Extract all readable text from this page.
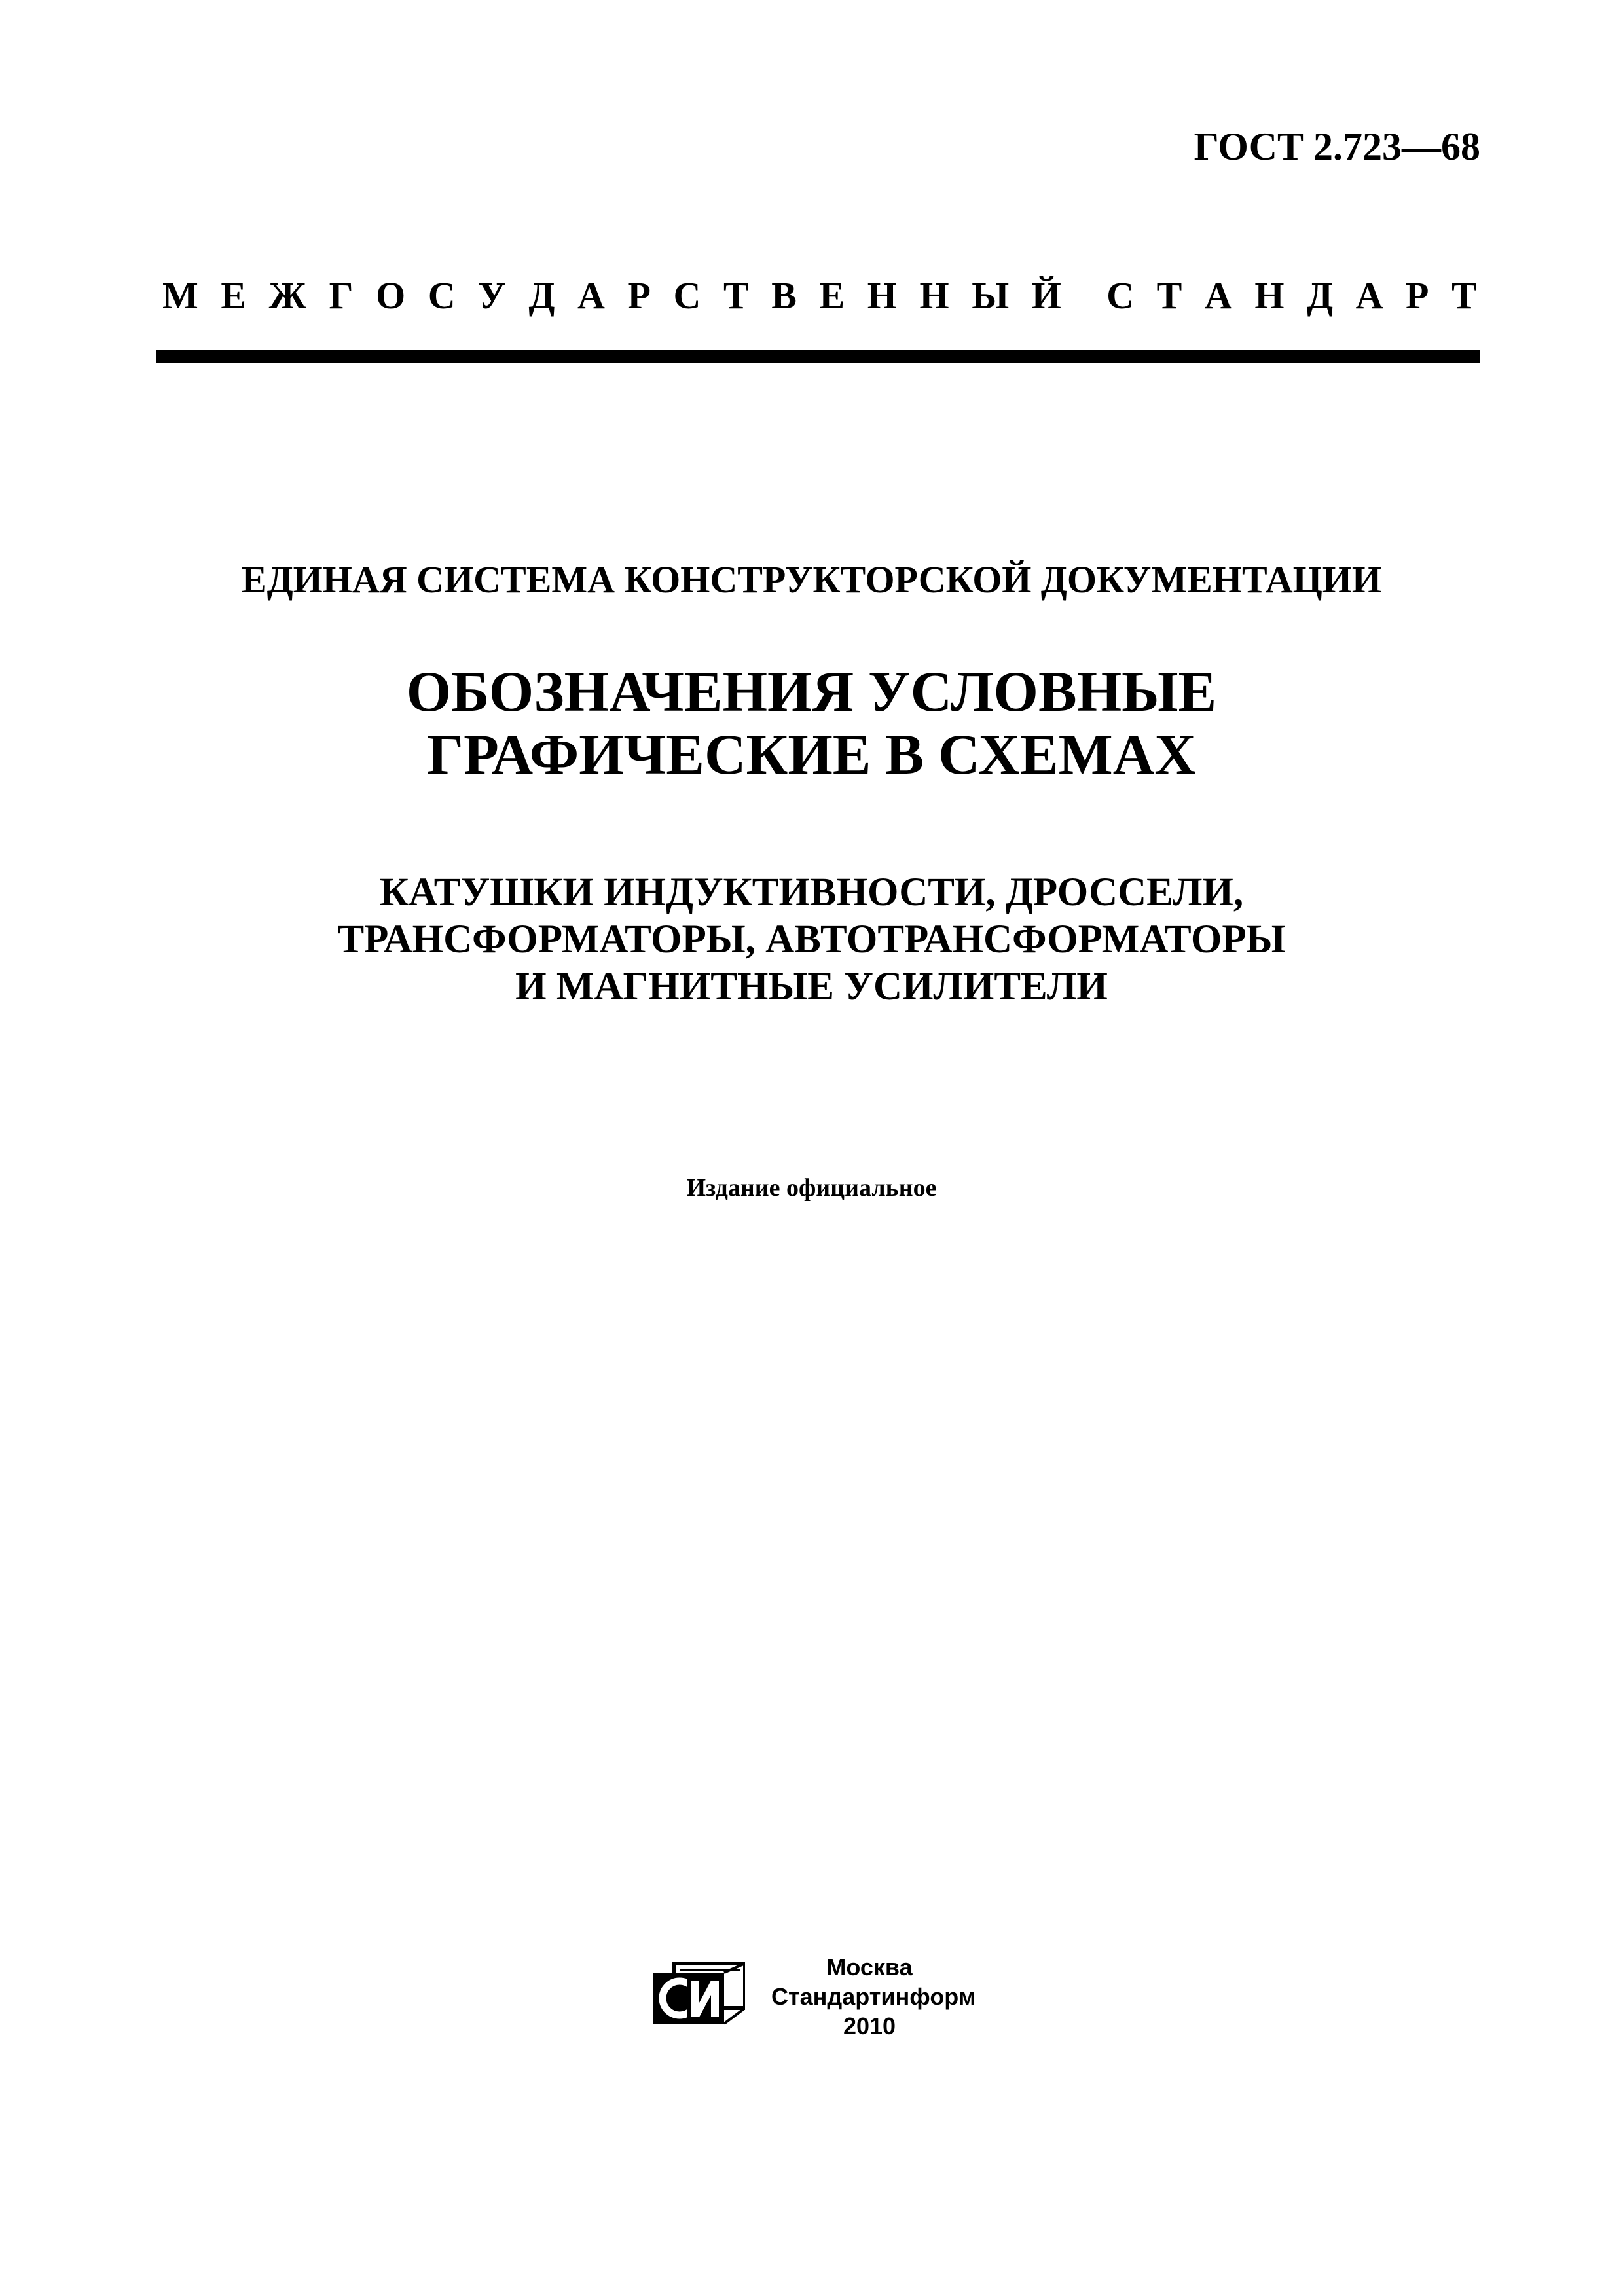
ГОСТ 2.723—68
М Е Ж Г О С У Д А Р С Т В Е Н Н Ы Й С Т А Н Д А Р Т
ЕДИНАЯ СИСТЕМА КОНСТРУКТОРСКОЙ ДОКУМЕНТАЦИИ
ОБОЗНАЧЕНИЯ УСЛОВНЫЕ
ГРАФИЧЕСКИЕ В СХЕМАХ
КАТУШКИ ИНДУКТИВНОСТИ, ДРОССЕЛИ,
ТРАНСФОРМАТОРЫ, АВТОТРАНСФОРМАТОРЫ
И МАГНИТНЫЕ УСИЛИТЕЛИ
Издание официальное
Москва
Стандартинформ
2010
